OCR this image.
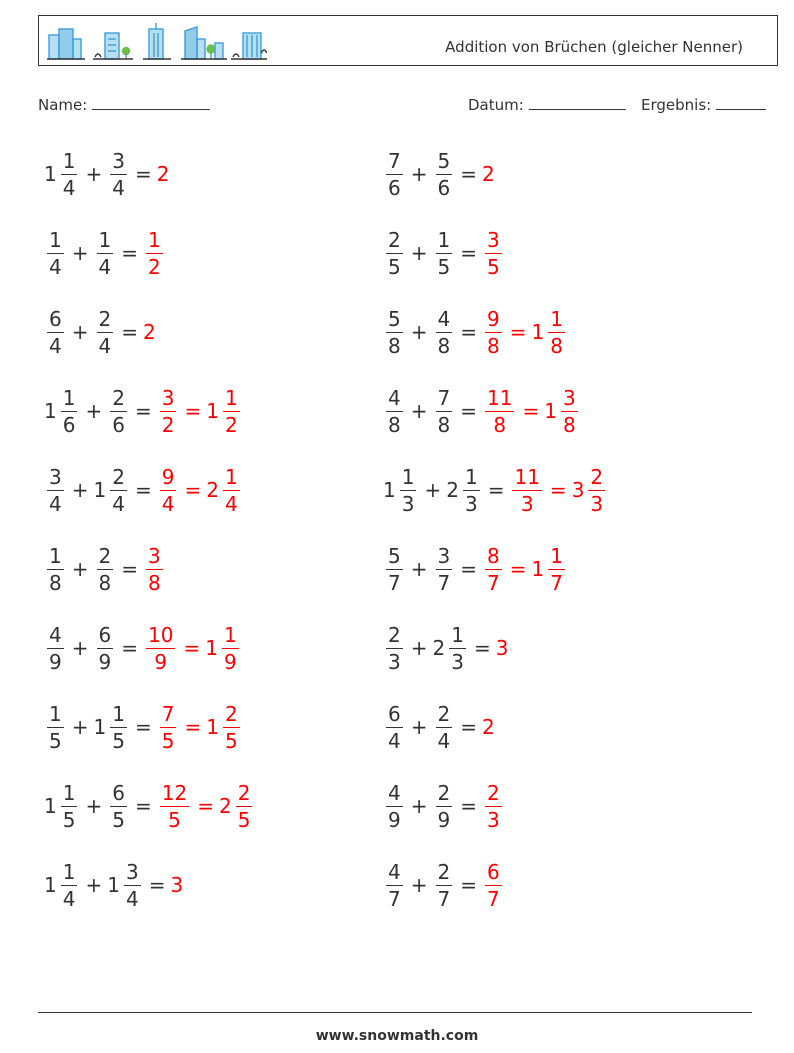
Addition von Brüchen (gleicher Nenner)
Name:	Datum:	Ergebnis:
$1 \frac{1}{4} + \frac{3}{4} = 2$
$\frac{1}{4} + \frac{1}{4} = \frac{1}{2}$
$\frac{6}{4} + \frac{2}{4} = 2$
$1 \frac{1}{6} + \frac{2}{6} = \frac{3}{2} = 1 \frac{1}{2}$
$\frac{3}{4} + 1 \frac{2}{4} = \frac{9}{4} = 2 \frac{1}{4}$
$\frac{1}{8} + \frac{2}{8} = \frac{3}{8}$
$\frac{4}{9} + \frac{6}{9} = \frac{10}{9} = 1 \frac{1}{9}$
$\frac{1}{5} + 1 \frac{1}{5} = \frac{7}{5} = 1 \frac{2}{5}$
$1 \frac{1}{5} + \frac{6}{5} = \frac{12}{5} = 2 \frac{2}{5}$
$1 \frac{1}{4} + 1 \frac{3}{4} = 3$
$\frac{7}{6} + \frac{5}{6} = 2$
$\frac{2}{5} + \frac{1}{5} = \frac{3}{5}$
$\frac{5}{8} + \frac{4}{8} = \frac{9}{8} = 1 \frac{1}{8}$
$\frac{4}{8} + \frac{7}{8} = \frac{11}{8} = 1 \frac{3}{8}$
$1 \frac{1}{3} + 2 \frac{1}{3} = \frac{11}{3} = 3 \frac{2}{3}$
$\frac{5}{7} + \frac{3}{7} = \frac{8}{7} = 1 \frac{1}{7}$
$\frac{2}{3} + 2 \frac{1}{3} = 3$
$\frac{6}{4} + \frac{2}{4} = 2$
$\frac{4}{9} + \frac{2}{9} = \frac{2}{3}$
$\frac{4}{7} + \frac{2}{7} = \frac{6}{7}$
www.snowmath.com
